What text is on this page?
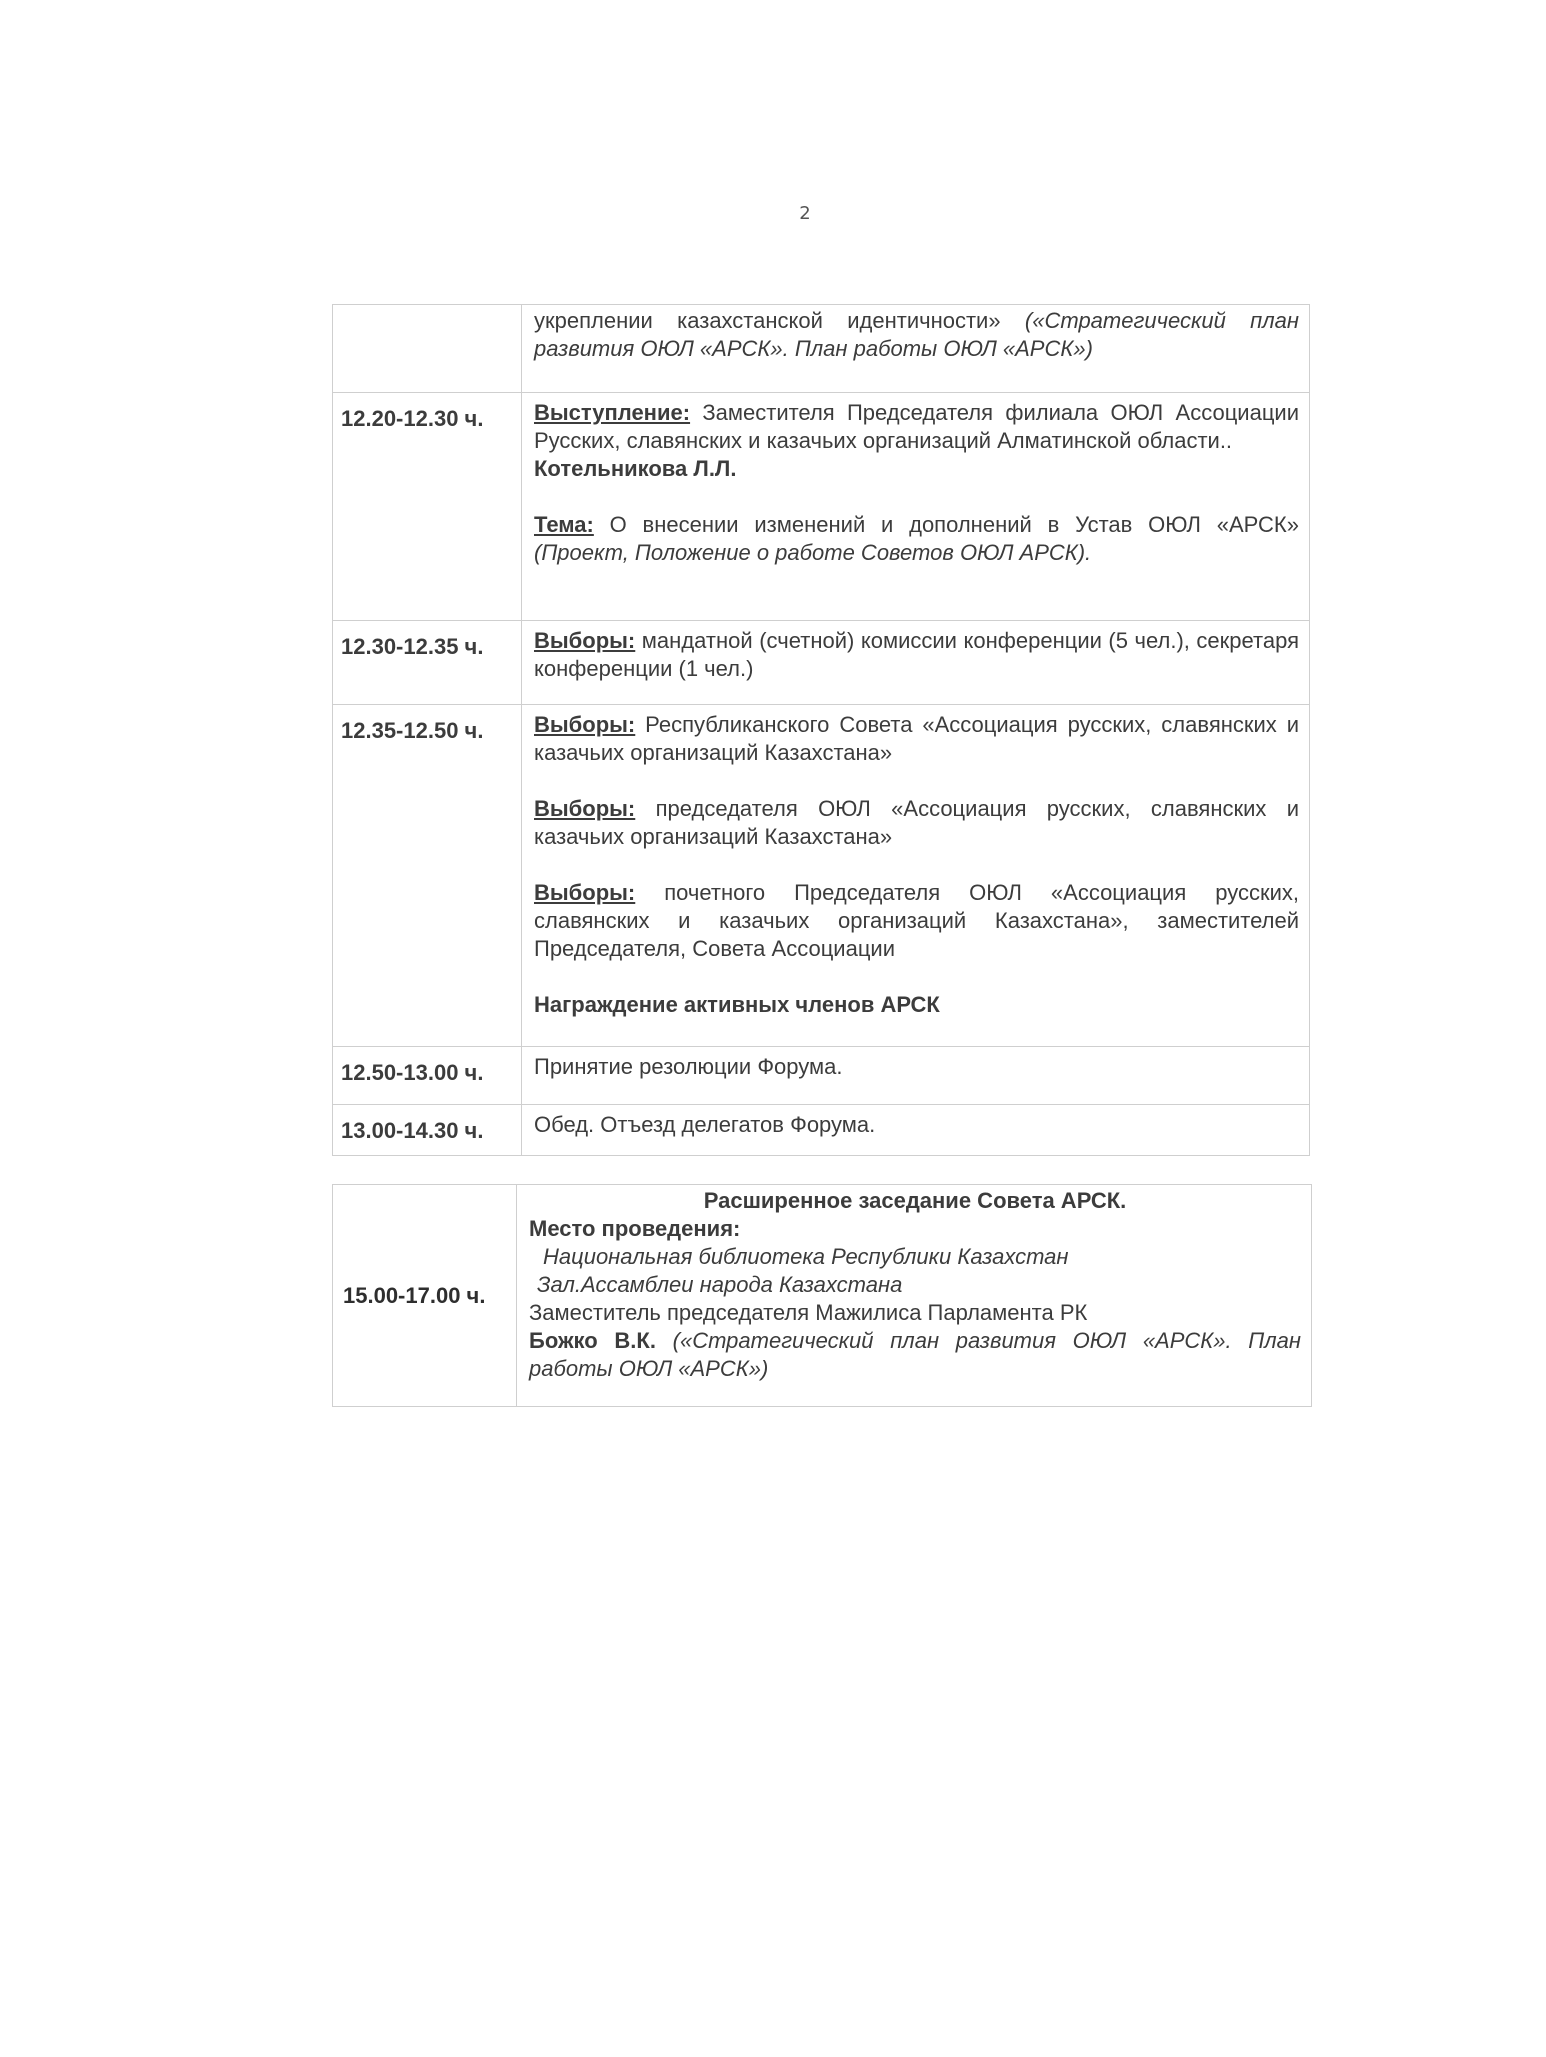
2
	укреплении казахстанской идентичности» («Стратегический план развития ОЮЛ «АРСК». План работы ОЮЛ «АРСК»)
12.20-12.30 ч.	Выступление: Заместителя Председателя филиала ОЮЛ Ассоциации Русских, славянских и казачьих организаций Алматинской области..

Котельникова Л.Л.

Тема: О внесении изменений и дополнений в Устав ОЮЛ «АРСК» (Проект, Положение о работе Советов ОЮЛ АРСК).

12.30-12.35 ч.	Выборы: мандатной (счетной) комиссии конференции (5 чел.), секретаря конференции (1 чел.)
12.35-12.50 ч.	Выборы: Республиканского Совета «Ассоциация русских, славянских и казачьих организаций Казахстана»

Выборы: председателя ОЮЛ «Ассоциация русских, славянских и казачьих организаций Казахстана»

Выборы: почетного Председателя ОЮЛ «Ассоциация русских, славянских и казачьих организаций Казахстана», заместителей Председателя, Совета Ассоциации

Награждение активных членов АРСК

12.50-13.00 ч.	Принятие резолюции Форума.
13.00-14.30 ч.	Обед. Отъезд делегатов Форума.
15.00-17.00 ч.	
Расширенное заседание Совета АРСК.
Место проведения:
Национальная библиотека Республики Казахстан
Зал.Ассамблеи народа Казахстана
Заместитель председателя Мажилиса Парламента РК
Божко В.К. («Стратегический план развития ОЮЛ «АРСК». План работы ОЮЛ «АРСК»)
